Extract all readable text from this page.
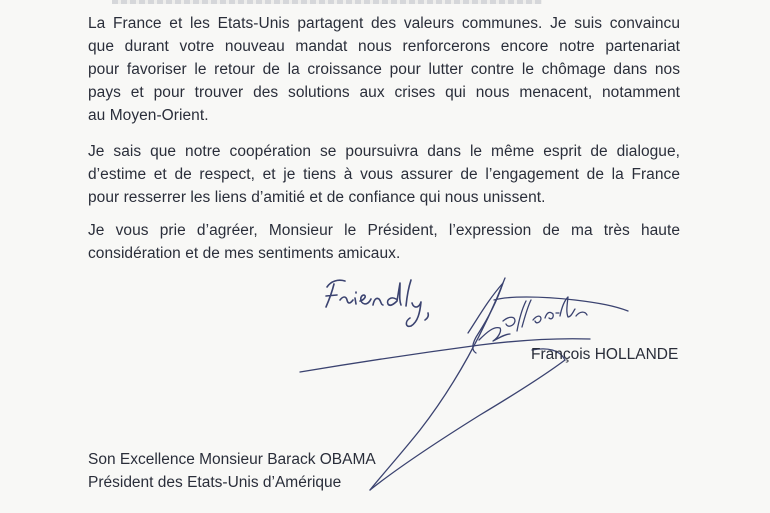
La France et les Etats-Unis partagent des valeurs communes. Je suis convaincu
que durant votre nouveau mandat nous renforcerons encore notre partenariat
pour favoriser le retour de la croissance pour lutter contre le chômage dans nos
pays et pour trouver des solutions aux crises qui nous menacent, notamment
au Moyen-Orient.

Je sais que notre coopération se poursuivra dans le même esprit de dialogue,
d’estime et de respect, et je tiens à vous assurer de l’engagement de la France
pour resserrer les liens d’amitié et de confiance qui nous unissent.

Je vous prie d’agréer, Monsieur le Président, l’expression de ma très haute
considération et de mes sentiments amicaux.

François HOLLANDE
Son Excellence Monsieur Barack OBAMA
Président des Etats-Unis d’Amérique
